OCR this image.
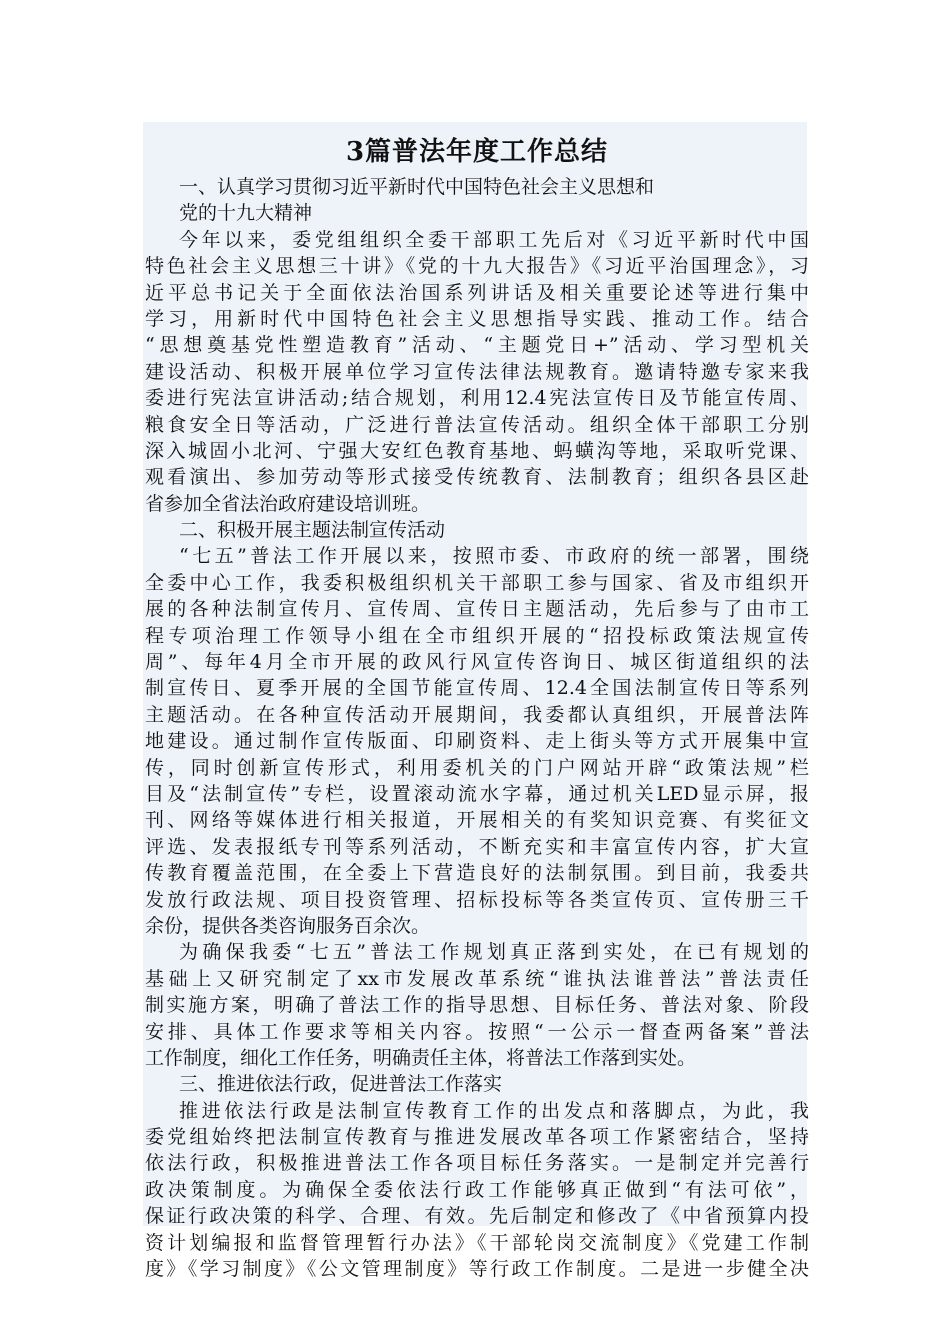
3篇普法年度工作总结
一、认真学习贯彻习近平新时代中国特色社会主义思想和
党的十九大精神
今年以来，委党组组织全委干部职工先后对《习近平新时代中国
特色社会主义思想三十讲》《党的十九大报告》《习近平治国理念》，习
近平总书记关于全面依法治国系列讲话及相关重要论述等进行集中
学习，用新时代中国特色社会主义思想指导实践、推动工作。结合
“思想奠基党性塑造教育”活动、“主题党日+”活动、学习型机关
建设活动、积极开展单位学习宣传法律法规教育。邀请特邀专家来我
委进行宪法宣讲活动;结合规划，利用12.4宪法宣传日及节能宣传周、
粮食安全日等活动，广泛进行普法宣传活动。组织全体干部职工分别
深入城固小北河、宁强大安红色教育基地、蚂蟥沟等地，采取听党课、
观看演出、参加劳动等形式接受传统教育、法制教育；组织各县区赴
省参加全省法治政府建设培训班。
二、积极开展主题法制宣传活动
“七五”普法工作开展以来，按照市委、市政府的统一部署，围绕
全委中心工作，我委积极组织机关干部职工参与国家、省及市组织开
展的各种法制宣传月、宣传周、宣传日主题活动，先后参与了由市工
程专项治理工作领导小组在全市组织开展的“招投标政策法规宣传
周”、每年4月全市开展的政风行风宣传咨询日、城区街道组织的法
制宣传日、夏季开展的全国节能宣传周、12.4全国法制宣传日等系列
主题活动。在各种宣传活动开展期间，我委都认真组织，开展普法阵
地建设。通过制作宣传版面、印刷资料、走上街头等方式开展集中宣
传，同时创新宣传形式，利用委机关的门户网站开辟“政策法规”栏
目及“法制宣传”专栏，设置滚动流水字幕，通过机关LED显示屏，报
刊、网络等媒体进行相关报道，开展相关的有奖知识竞赛、有奖征文
评选、发表报纸专刊等系列活动，不断充实和丰富宣传内容，扩大宣
传教育覆盖范围，在全委上下营造良好的法制氛围。到目前，我委共
发放行政法规、项目投资管理、招标投标等各类宣传页、宣传册三千
余份，提供各类咨询服务百余次。
为确保我委“七五”普法工作规划真正落到实处，在已有规划的
基础上又研究制定了xx市发展改革系统“谁执法谁普法”普法责任
制实施方案，明确了普法工作的指导思想、目标任务、普法对象、阶段
安排、具体工作要求等相关内容。按照“一公示一督查两备案”普法
工作制度，细化工作任务，明确责任主体，将普法工作落到实处。
三、推进依法行政，促进普法工作落实
推进依法行政是法制宣传教育工作的出发点和落脚点，为此，我
委党组始终把法制宣传教育与推进发展改革各项工作紧密结合，坚持
依法行政，积极推进普法工作各项目标任务落实。一是制定并完善行
政决策制度。为确保全委依法行政工作能够真正做到“有法可依”，
保证行政决策的科学、合理、有效。先后制定和修改了《中省预算内投
资计划编报和监督管理暂行办法》《干部轮岗交流制度》《党建工作制
度》《学习制度》《公文管理制度》等行政工作制度。二是进一步健全决
